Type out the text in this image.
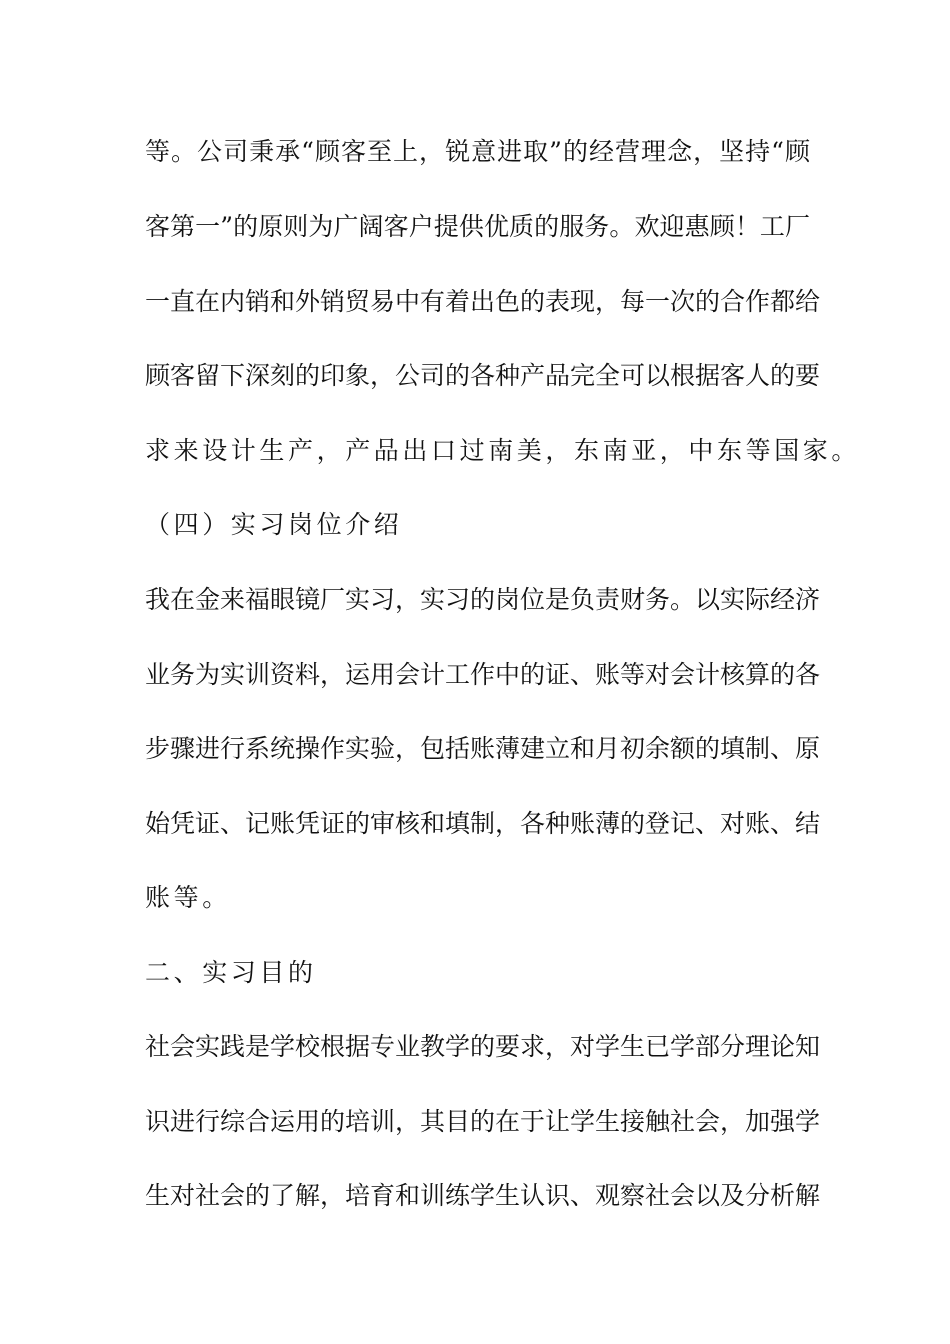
等。公司秉承“顾客至上，锐意进取”的经营理念，坚持“顾
客第一”的原则为广阔客户提供优质的服务。欢迎惠顾！工厂
一直在内销和外销贸易中有着出色的表现，每一次的合作都给
顾客留下深刻的印象，公司的各种产品完全可以根据客人的要
求来设计生产，产品出口过南美，东南亚，中东等国家。
（四）实习岗位介绍
我在金来福眼镜厂实习，实习的岗位是负责财务。以实际经济
业务为实训资料，运用会计工作中的证、账等对会计核算的各
步骤进行系统操作实验，包括账薄建立和月初余额的填制、原
始凭证、记账凭证的审核和填制，各种账薄的登记、对账、结
账等。
二、实习目的
社会实践是学校根据专业教学的要求，对学生已学部分理论知
识进行综合运用的培训，其目的在于让学生接触社会，加强学
生对社会的了解，培育和训练学生认识、观察社会以及分析解
